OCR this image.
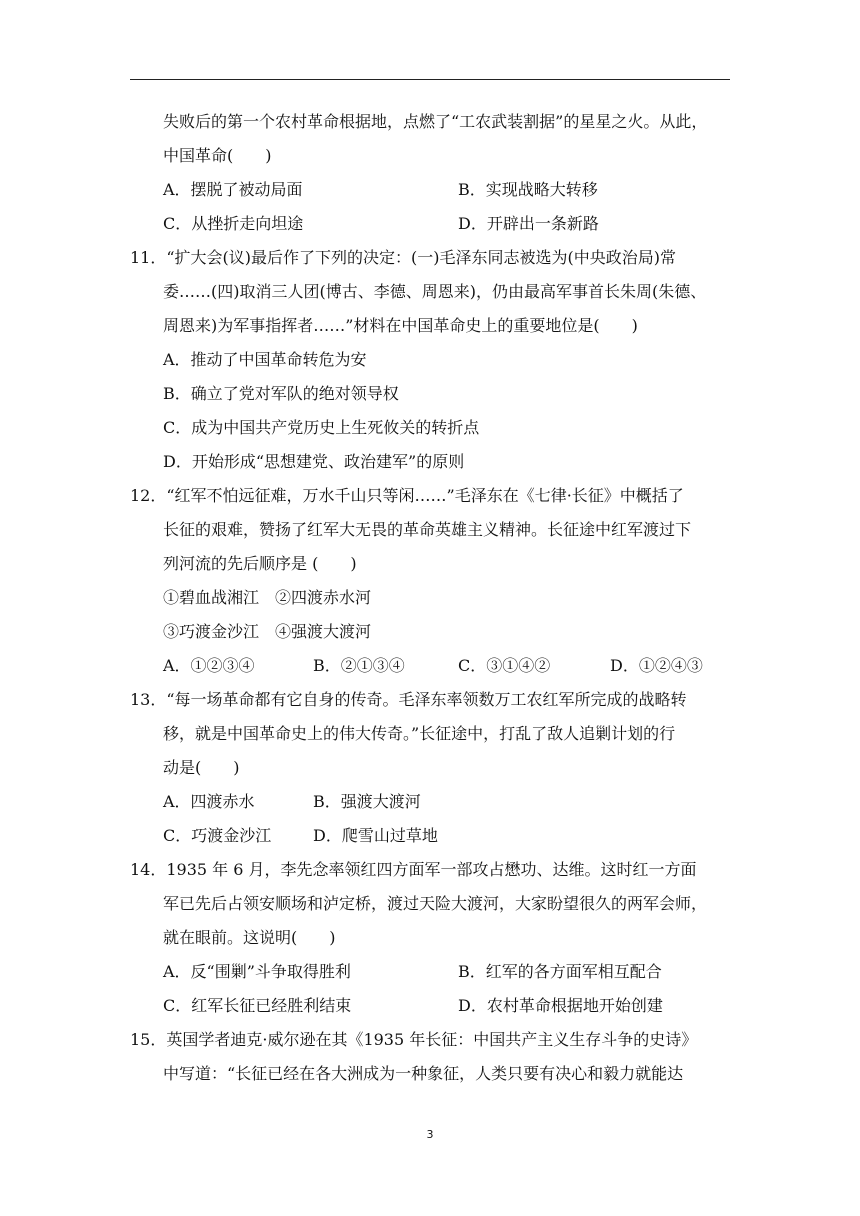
失败后的第一个农村革命根据地，点燃了“工农武装割据”的星星之火。从此，
中国革命(　　)
A．摆脱了被动局面	B．实现战略大转移
C．从挫折走向坦途	D．开辟出一条新路
11．“扩大会(议)最后作了下列的决定：(一)毛泽东同志被选为(中央政治局)常
委……(四)取消三人团(博古、李德、周恩来)，仍由最高军事首长朱周(朱德、
周恩来)为军事指挥者……”材料在中国革命史上的重要地位是(　　)
A．推动了中国革命转危为安
B．确立了党对军队的绝对领导权
C．成为中国共产党历史上生死攸关的转折点
D．开始形成“思想建党、政治建军”的原则
12．“红军不怕远征难，万水千山只等闲……”毛泽东在《七律·长征》中概括了
长征的艰难，赞扬了红军大无畏的革命英雄主义精神。长征途中红军渡过下
列河流的先后顺序是 (　　)
①碧血战湘江　②四渡赤水河
③巧渡金沙江　④强渡大渡河
A．①②③④	B．②①③④	C．③①④②	D．①②④③
13．“每一场革命都有它自身的传奇。毛泽东率领数万工农红军所完成的战略转
移，就是中国革命史上的伟大传奇。”长征途中，打乱了敌人追剿计划的行
动是(　　)
A．四渡赤水	B．强渡大渡河
C．巧渡金沙江	D．爬雪山过草地
14．1935 年 6 月，李先念率领红四方面军一部攻占懋功、达维。这时红一方面
军已先后占领安顺场和泸定桥，渡过天险大渡河，大家盼望很久的两军会师，
就在眼前。这说明(　　)
A．反“围剿”斗争取得胜利	B．红军的各方面军相互配合
C．红军长征已经胜利结束	D．农村革命根据地开始创建
15．英国学者迪克·威尔逊在其《1935 年长征：中国共产主义生存斗争的史诗》
中写道：“长征已经在各大洲成为一种象征，人类只要有决心和毅力就能达
3
